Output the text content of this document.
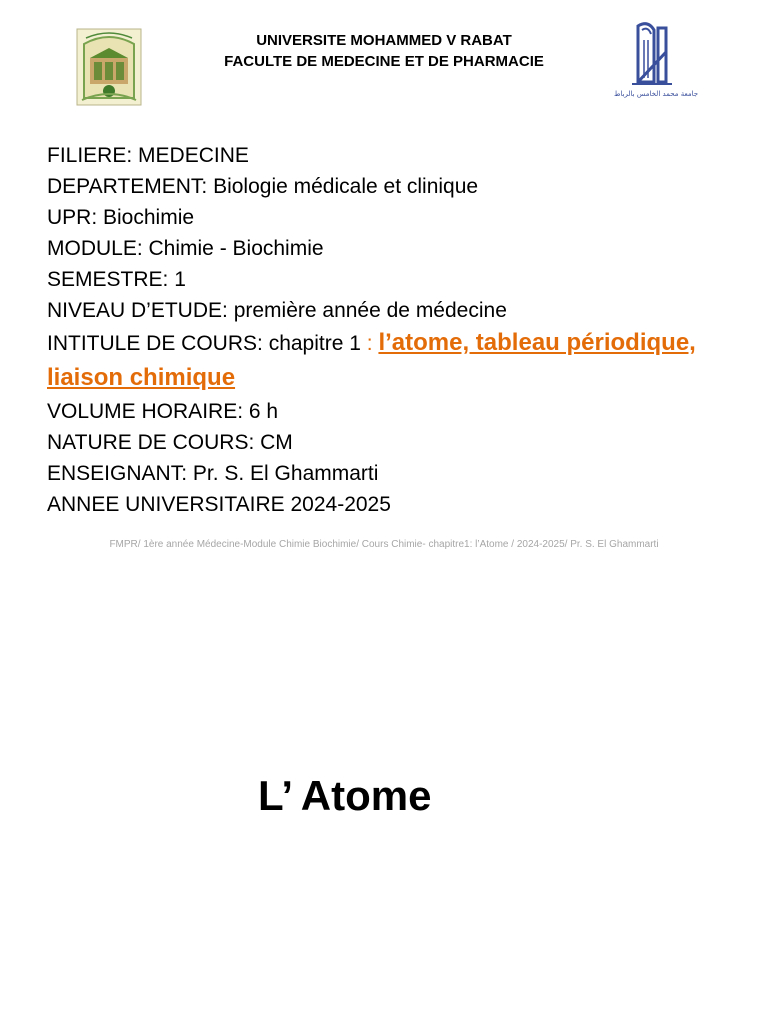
UNIVERSITE MOHAMMED V RABAT
FACULTE DE MEDECINE ET DE PHARMACIE
جامعة محمد الخامس بالرباط
FILIERE: MEDECINE
DEPARTEMENT: Biologie médicale et clinique
UPR: Biochimie
MODULE: Chimie - Biochimie
SEMESTRE: 1
NIVEAU D’ETUDE: première année de médecine
INTITULE DE COURS: chapitre 1 : l’atome, tableau périodique, liaison chimique
VOLUME HORAIRE: 6 h
NATURE DE COURS: CM
ENSEIGNANT: Pr. S. El Ghammarti
ANNEE UNIVERSITAIRE 2024-2025
FMPR/ 1ère année Médecine-Module Chimie Biochimie/ Cours Chimie- chapitre1: l’Atome / 2024-2025/ Pr. S. El Ghammarti
L’ Atome
